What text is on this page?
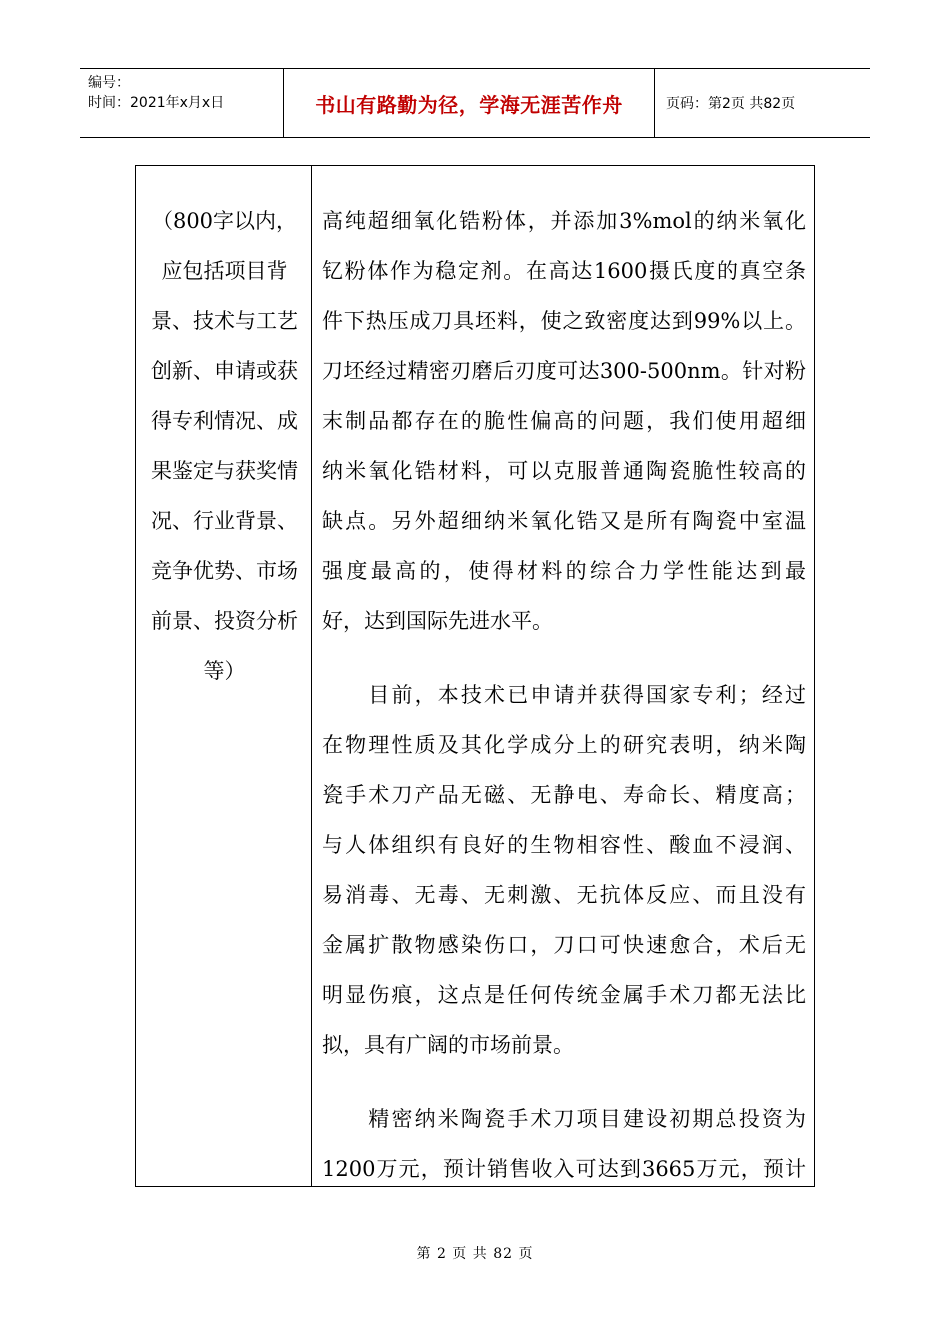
编号：
时间：2021年x月x日	书山有路勤为径，学海无涯苦作舟	页码：第2页 共82页
（800字以内，
应包括项目背
景、技术与工艺
创新、申请或获
得专利情况、成
果鉴定与获奖情
况、行业背景、
竞争优势、市场
前景、投资分析
等）
高纯超细氧化锆粉体，并添加3%mol的纳米氧化
钇粉体作为稳定剂。在高达1600摄氏度的真空条
件下热压成刀具坯料，使之致密度达到99%以上。
刀坯经过精密刃磨后刃度可达300-500nm。针对粉
末制品都存在的脆性偏高的问题，我们使用超细
纳米氧化锆材料，可以克服普通陶瓷脆性较高的
缺点。另外超细纳米氧化锆又是所有陶瓷中室温
强度最高的，使得材料的综合力学性能达到最
好，达到国际先进水平。
　　目前，本技术已申请并获得国家专利；经过
在物理性质及其化学成分上的研究表明，纳米陶
瓷手术刀产品无磁、无静电、寿命长、精度高；
与人体组织有良好的生物相容性、酸血不浸润、
易消毒、无毒、无刺激、无抗体反应、而且没有
金属扩散物感染伤口，刀口可快速愈合，术后无
明显伤痕，这点是任何传统金属手术刀都无法比
拟，具有广阔的市场前景。
　　精密纳米陶瓷手术刀项目建设初期总投资为
1200万元，预计销售收入可达到3665万元，预计
第 2 页 共 82 页
